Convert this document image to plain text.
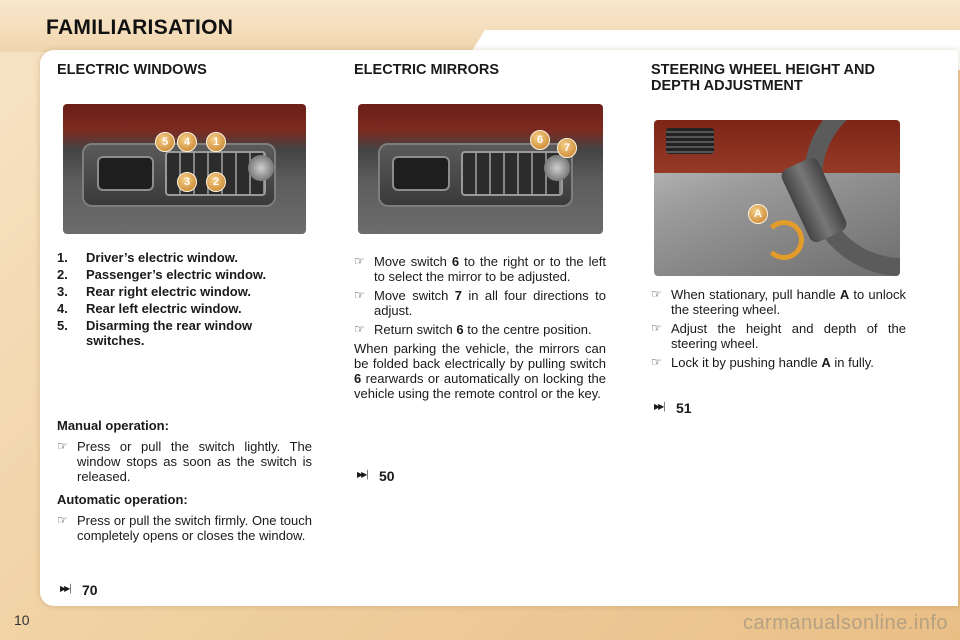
FAMILIARISATION
ELECTRIC WINDOWS
5	4	1
3	2
1.	Driver’s electric window.
2.	Passenger’s electric window.
3.	Rear right electric window.
4.	Rear left electric window.
5.	Disarming the rear window switches.

Manual operation:

☞ Press or pull the switch lightly. The window stops as soon as the switch is released.

Automatic operation:

☞ Press or pull the switch firmly. One touch completely opens or closes the window.
▶▶│
70
ELECTRIC MIRRORS
6
7
☞ Move switch 6 to the right or to the left to select the mirror to be adjusted.
☞ Move switch 7 in all four directions to adjust.
☞ Return switch 6 to the centre position.

When parking the vehicle, the mirrors can be folded back electrically by pulling switch 6 rearwards or automatically on locking the vehicle using the remote control or the key.

▶▶│
50
STEERING WHEEL HEIGHT AND DEPTH ADJUSTMENT
A
☞ When stationary, pull handle A to unlock the steering wheel.
☞ Adjust the height and depth of the steering wheel.
☞ Lock it by pushing handle A in fully.
▶▶│
51
10	carmanualsonline.info
